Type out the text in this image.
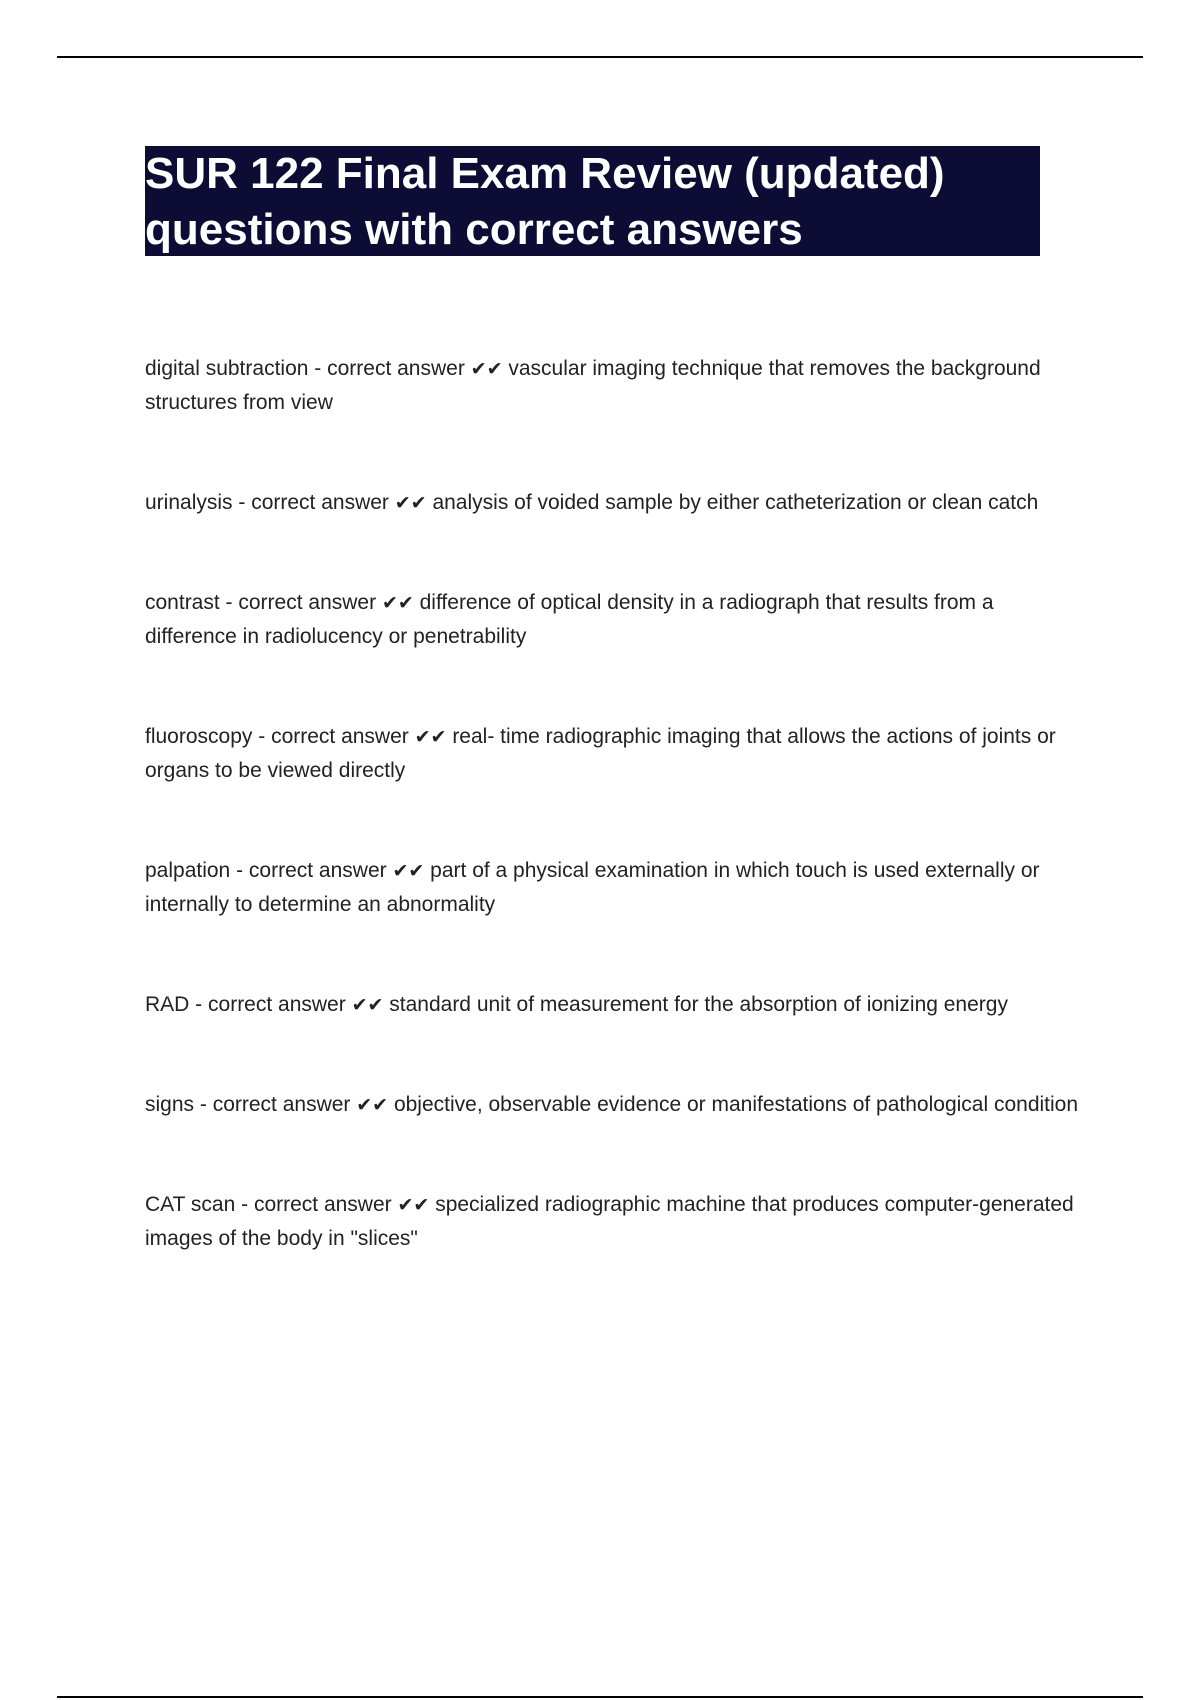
SUR 122 Final Exam Review (updated)
questions with correct answers
digital subtraction - correct answer ✔✔ vascular imaging technique that removes the background structures from view
urinalysis - correct answer ✔✔ analysis of voided sample by either catheterization or clean catch
contrast - correct answer ✔✔ difference of optical density in a radiograph that results from a difference in radiolucency or penetrability
fluoroscopy - correct answer ✔✔ real- time radiographic imaging that allows the actions of joints or organs to be viewed directly
palpation - correct answer ✔✔ part of a physical examination in which touch is used externally or internally to determine an abnormality
RAD - correct answer ✔✔ standard unit of measurement for the absorption of ionizing energy
signs - correct answer ✔✔ objective, observable evidence or manifestations of pathological condition
CAT scan - correct answer ✔✔ specialized radiographic machine that produces computer-generated images of the body in "slices"
